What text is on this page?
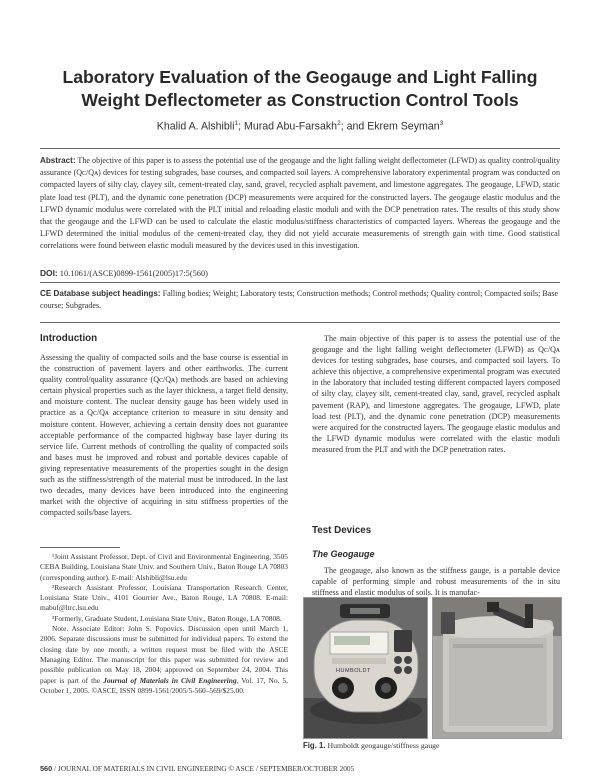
Laboratory Evaluation of the Geogauge and Light Falling
Weight Deflectometer as Construction Control Tools
Khalid A. Alshibli$^1$; Murad Abu-Farsakh$^2$; and Ekrem Seyman$^3$
Abstract: The objective of this paper is to assess the potential use of the geogauge and the light falling weight deflectometer (LFWD) as quality control/quality assurance (Qᴄ/Qᴀ) devices for testing subgrades, base courses, and compacted soil layers. A comprehensive laboratory experimental program was conducted on compacted layers of silty clay, clayey silt, cement-treated clay, sand, gravel, recycled asphalt pavement, and limestone aggregates. The geogauge, LFWD, static plate load test (PLT), and the dynamic cone penetration (DCP) measurements were acquired for the constructed layers. The geogauge elastic modulus and the LFWD dynamic modulus were correlated with the PLT initial and reloading elastic moduli and with the DCP penetration rates. The results of this study show that the geogauge and the LFWD can be used to calculate the elastic modulus/stiffness characteristics of compacted layers. Whereas the geogauge and the LFWD determined the initial modulus of the cement-treated clay, they did not yield accurate measurements of strength gain with time. Good statistical correlations were found between elastic moduli measured by the devices used in this investigation.
DOI: 10.1061/(ASCE)0899-1561(2005)17:5(560)
CE Database subject headings: Falling bodies; Weight; Laboratory tests; Construction methods; Control methods; Quality control; Compacted soils; Base course; Subgrades.
Introduction

Assessing the quality of compacted soils and the base course is essential in the construction of pavement layers and other earthworks. The current quality control/quality assurance (Qᴄ/Qᴀ) methods are based on achieving certain physical properties such as the layer thickness, a target field density, and moisture content. The nuclear density gauge has been widely used in practice as a Qᴄ/Qᴀ acceptance criterion to measure in situ density and moisture content. However, achieving a certain density does not guarantee acceptable performance of the compacted highway base layer during its service life. Current methods of controlling the quality of compacted soils and bases must be improved and robust and portable devices capable of giving representative measurements of the properties sought in the design such as the stiffness/strength of the material must be introduced. In the last two decades, many devices have been introduced into the engineering market with the objective of acquiring in situ stiffness properties of the compacted soils/base layers.

¹Joint Assistant Professor, Dept. of Civil and Environmental Engineering, 3505 CEBA Building, Louisiana State Univ. and Southern Univ., Baton Rouge LA 70803 (corresponding author). E-mail: Alshibli@lsu.edu

²Research Assistant Professor, Louisiana Transportation Research Center, Louisiana State Univ., 4101 Gourrier Ave., Baton Rouge, LA 70808. E-mail: mabuf@ltrc.lsu.edu

³Formerly, Graduate Student, Louisiana State Univ., Baton Rouge, LA 70808.

Note. Associate Editor: John S. Popovics. Discussion open until March 1, 2006. Separate discussions must be submitted for individual papers. To extend the closing date by one month, a written request must be filed with the ASCE Managing Editor. The manuscript for this paper was submitted for review and possible publication on May 18, 2004; approved on September 24, 2004. This paper is part of the Journal of Materials in Civil Engineering, Vol. 17, No. 5, October 1, 2005. ©ASCE, ISSN 0899-1561/2005/5-560–569/$25.00.

The main objective of this paper is to assess the potential use of the geogauge and the light falling weight deflectometer (LFWD) as Qᴄ/Qᴀ devices for testing subgrades, base courses, and compacted soil layers. To achieve this objective, a comprehensive experimental program was executed in the laboratory that included testing different compacted layers composed of silty clay, clayey silt, cement-treated clay, sand, gravel, recycled asphalt pavement (RAP), and limestone aggregates. The geogauge, LFWD, plate load test (PLT), and the dynamic cone penetration (DCP) measurements were acquired for the constructed layers. The geogauge elastic modulus and the LFWD dynamic modulus were correlated with the elastic moduli measured from the PLT and with the DCP penetration rates.

Test Devices
The Geogauge

The geogauge, also known as the stiffness gauge, is a portable device capable of performing simple and robust measurements of the in situ stiffness and elastic modulus of soils. It is manufac-

HUMBOLDT
Fig. 1. Humboldt geogauge/stiffness gauge
560 / JOURNAL OF MATERIALS IN CIVIL ENGINEERING © ASCE / SEPTEMBER/OCTOBER 2005
